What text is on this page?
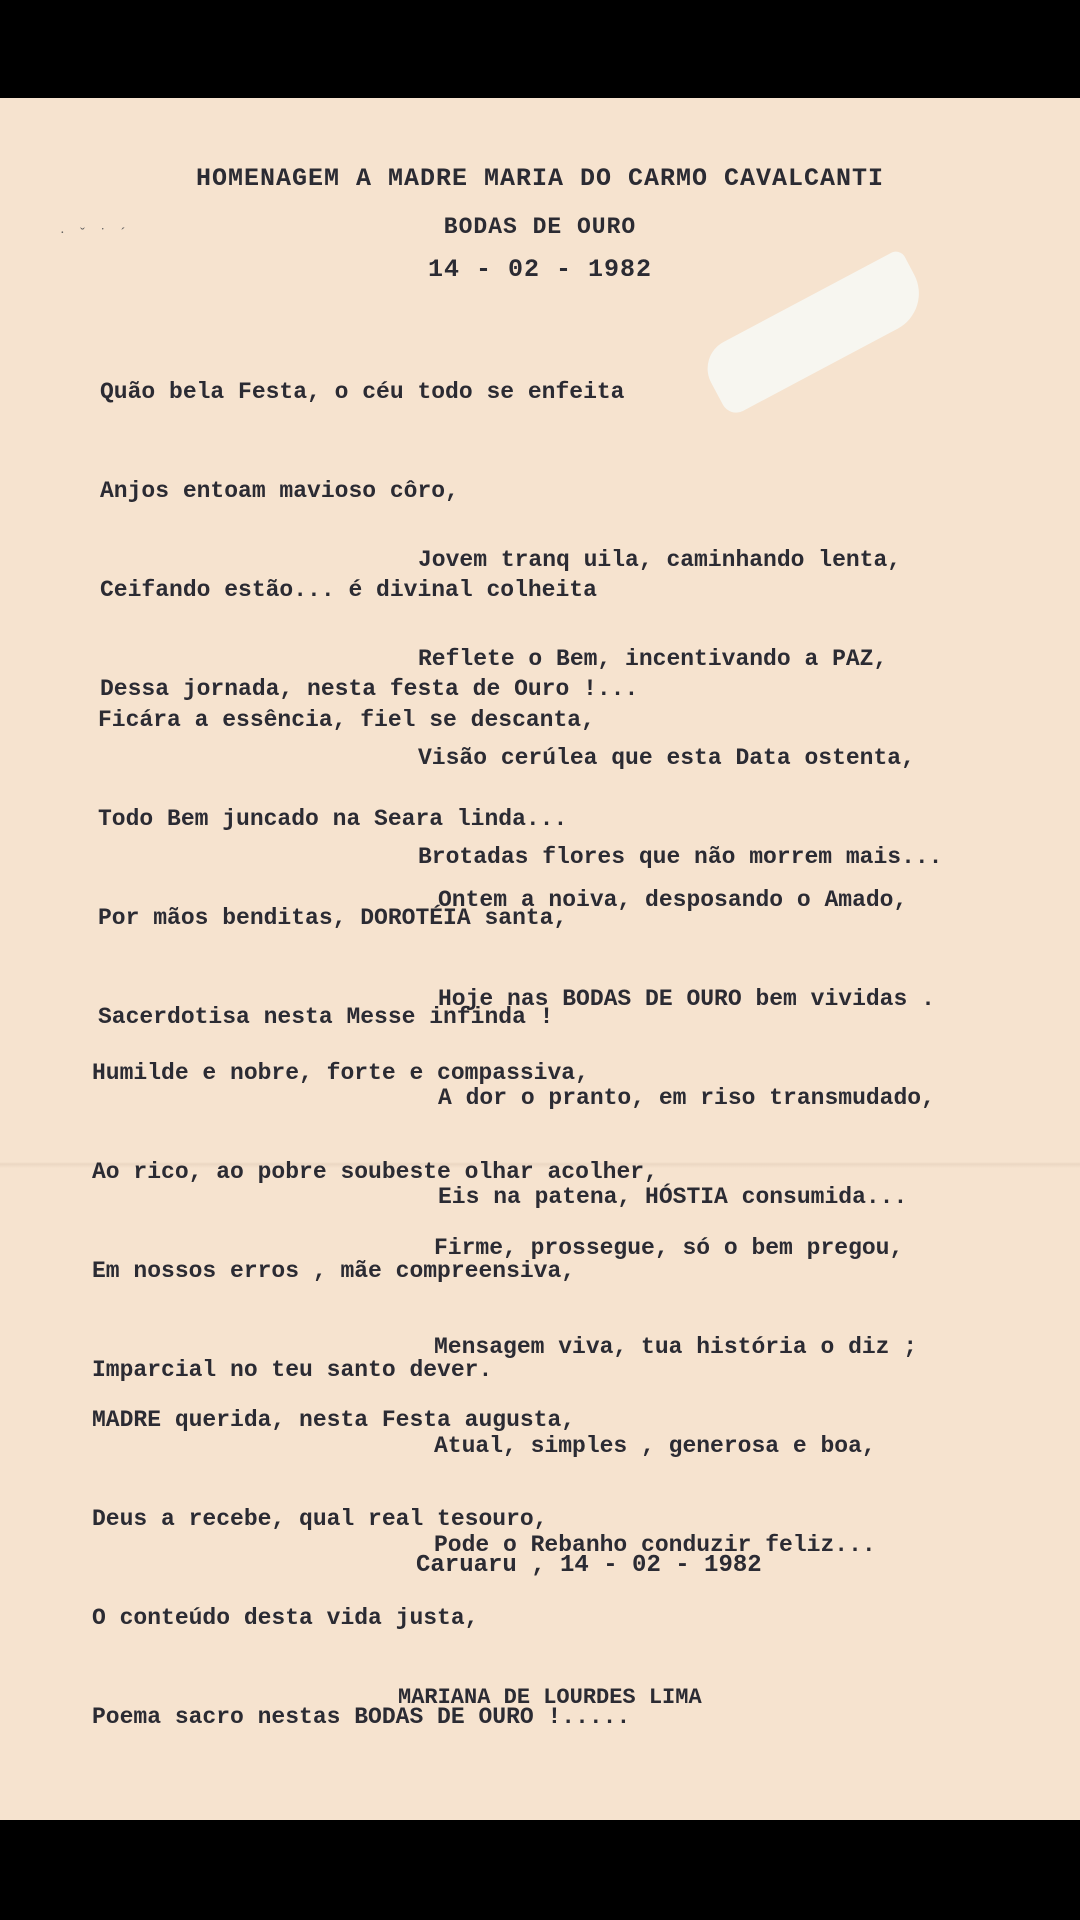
· ˇ ˙ ˊ

HOMENAGEM A MADRE MARIA DO CARMO CAVALCANTI

BODAS DE OURO

14 - 02 - 1982

Quão bela Festa, o céu todo se enfeita

Anjos entoam mavioso côro,

Ceifando estão... é divinal colheita

Dessa jornada, nesta festa de Ouro !...

Jovem tranq uila, caminhando lenta,

Reflete o Bem, incentivando a PAZ,

Visão cerúlea que esta Data ostenta,

Brotadas flores que não morrem mais...

Ficára a essência, fiel se descanta,

Todo Bem juncado na Seara linda...

Por mãos benditas, DOROTÉIA santa,

Sacerdotisa nesta Messe infinda !

Ontem a noiva, desposando o Amado,

Hoje nas BODAS DE OURO bem vividas .

A dor o pranto, em riso transmudado,

Eis na patena, HÓSTIA consumida...

Humilde e nobre, forte e compassiva,

Ao rico, ao pobre soubeste olhar acolher,

Em nossos erros , mãe compreensiva,

Imparcial no teu santo dever.

Firme, prossegue, só o bem pregou,

Mensagem viva, tua história o diz ;

Atual, simples , generosa e boa,

Pode o Rebanho conduzir feliz...

MADRE querida, nesta Festa augusta,

Deus a recebe, qual real tesouro,

O conteúdo desta vida justa,

Poema sacro nestas BODAS DE OURO !.....

Caruaru , 14 - 02 - 1982

MARIANA DE LOURDES LIMA
